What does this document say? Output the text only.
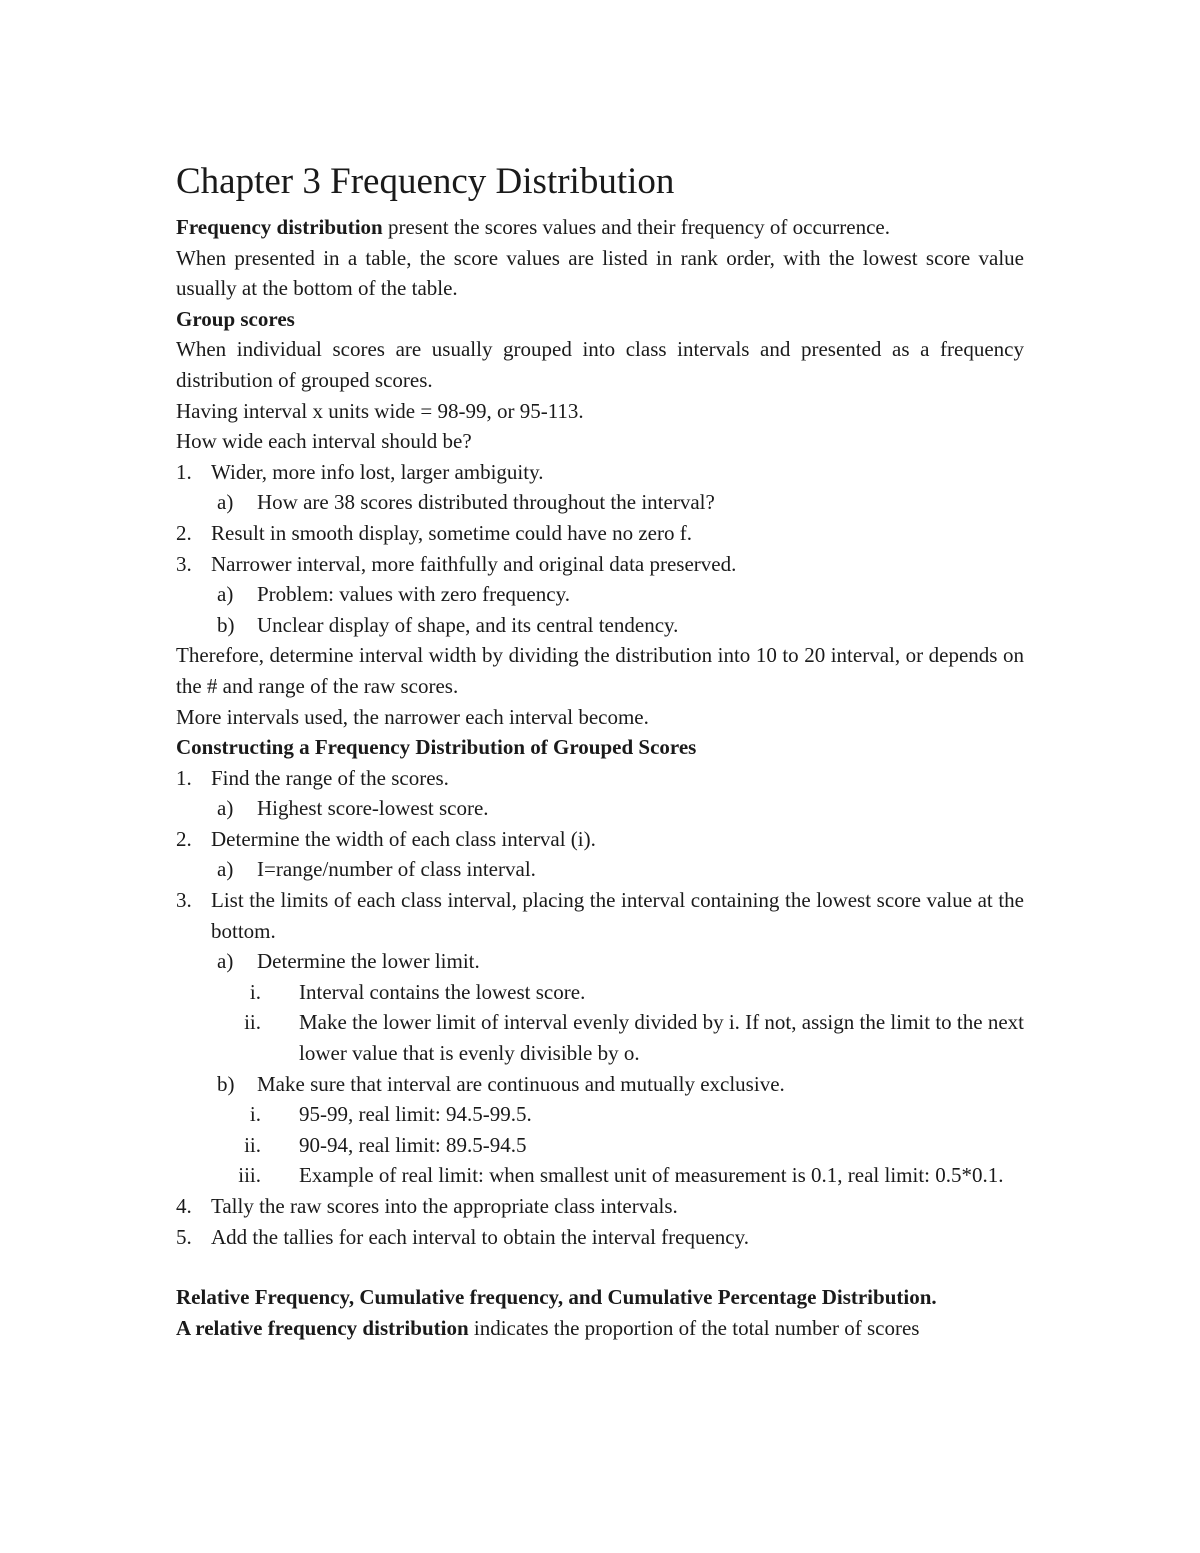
Chapter 3 Frequency Distribution

Frequency distribution present the scores values and their frequency of occurrence.

When presented in a table, the score values are listed in rank order, with the lowest score value usually at the bottom of the table.

Group scores

When individual scores are usually grouped into class intervals and presented as a frequency distribution of grouped scores.

Having interval x units wide = 98-99, or 95-113.

How wide each interval should be?

1. Wider, more info lost, larger ambiguity.
a)	How are 38 scores distributed throughout the interval?
2. Result in smooth display, sometime could have no zero f.
3. Narrower interval, more faithfully and original data preserved.
a)	Problem: values with zero frequency.
b)	Unclear display of shape, and its central tendency.

Therefore, determine interval width by dividing the distribution into 10 to 20 interval, or depends on the # and range of the raw scores.

More intervals used, the narrower each interval become.

Constructing a Frequency Distribution of Grouped Scores

1. Find the range of the scores.
a)	Highest score-lowest score.
2. Determine the width of each class interval (i).
a)	I=range/number of class interval.
3. List the limits of each class interval, placing the interval containing the lowest score value at the bottom.
a)	Determine the lower limit.
i. Interval contains the lowest score.
ii. Make the lower limit of interval evenly divided by i. If not, assign the limit to the next lower value that is evenly divisible by o.
b)	Make sure that interval are continuous and mutually exclusive.
i. 95-99, real limit: 94.5-99.5.
ii. 90-94, real limit: 89.5-94.5
iii. Example of real limit: when smallest unit of measurement is 0.1, real limit: 0.5*0.1.
4. Tally the raw scores into the appropriate class intervals.
5. Add the tallies for each interval to obtain the interval frequency.

Relative Frequency, Cumulative frequency, and Cumulative Percentage Distribution.

A relative frequency distribution indicates the proportion of the total number of scores
